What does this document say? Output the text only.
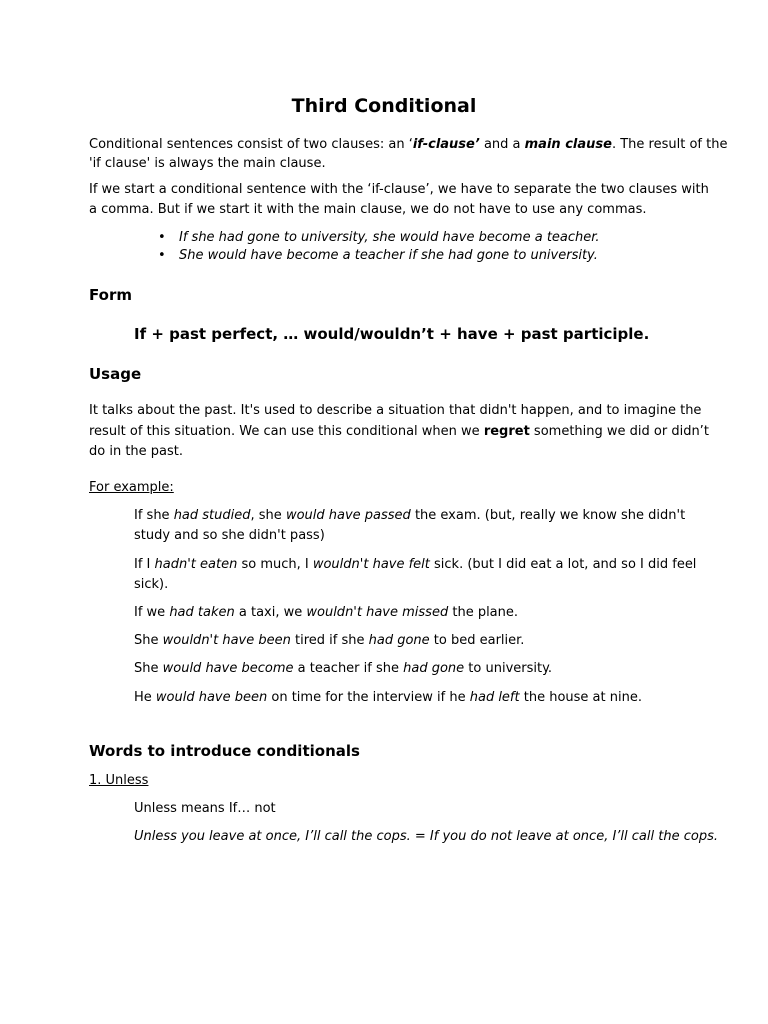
Third Conditional
Conditional sentences consist of two clauses: an ‘if-clause’ and a main clause. The result of the
'if clause' is always the main clause.
If we start a conditional sentence with the ‘if-clause’, we have to separate the two clauses with
a comma. But if we start it with the main clause, we do not have to use any commas.
• If she had gone to university, she would have become a teacher.
• She would have become a teacher if she had gone to university.
Form
If + past perfect, … would/wouldn’t + have + past participle.
Usage
It talks about the past. It's used to describe a situation that didn't happen, and to imagine the
result of this situation. We can use this conditional when we regret something we did or didn’t
do in the past.
For example:
If she had studied, she would have passed the exam. (but, really we know she didn't
study and so she didn't pass)
If I hadn't eaten so much, I wouldn't have felt sick. (but I did eat a lot, and so I did feel
sick).
If we had taken a taxi, we wouldn't have missed the plane.
She wouldn't have been tired if she had gone to bed earlier.
She would have become a teacher if she had gone to university.
He would have been on time for the interview if he had left the house at nine.
Words to introduce conditionals
1. Unless
Unless means If… not
Unless you leave at once, I’ll call the cops. = If you do not leave at once, I’ll call the cops.
